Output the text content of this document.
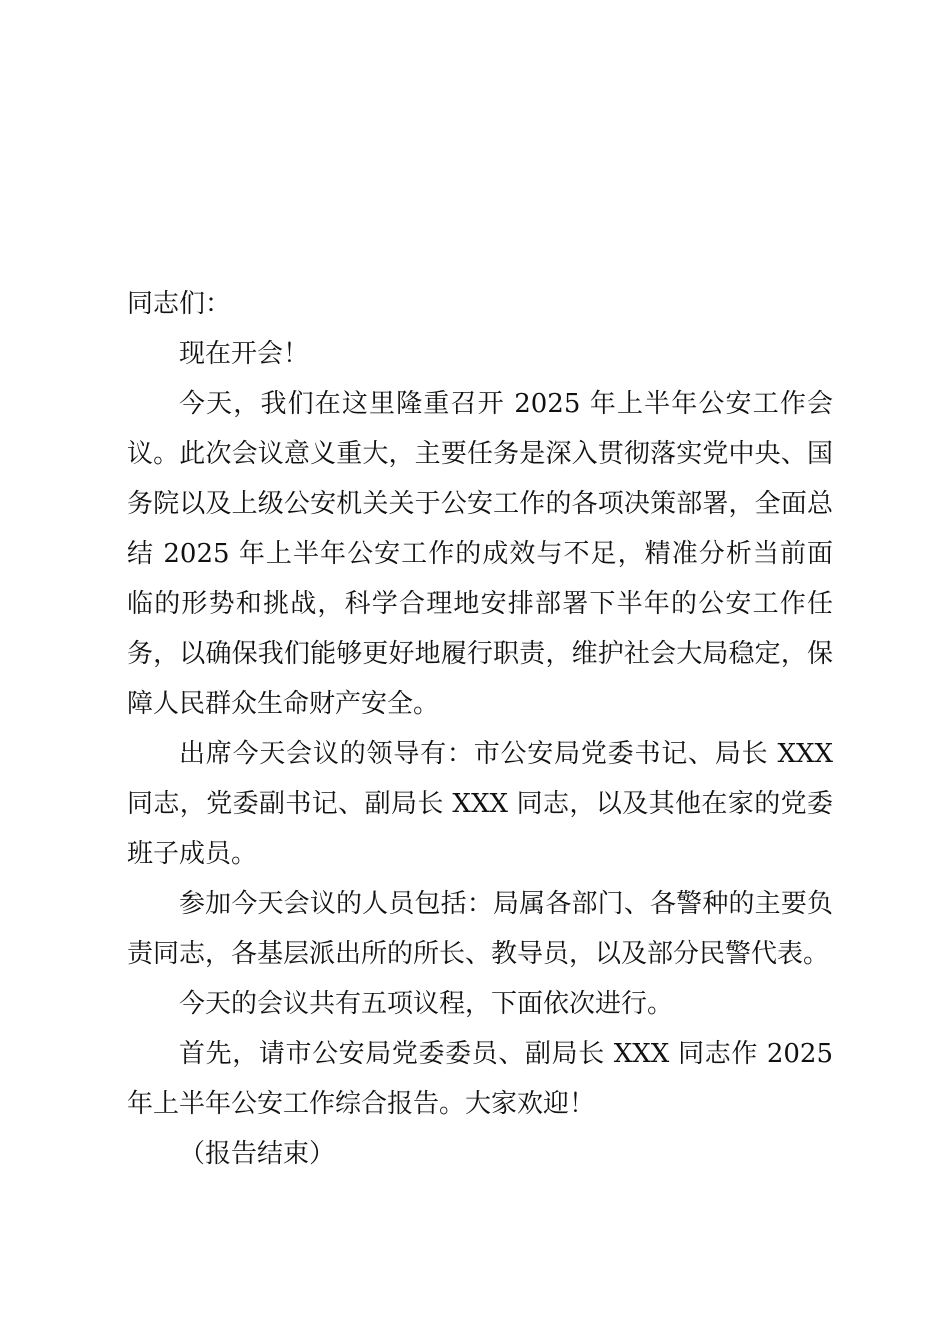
同志们：

现在开会！

今天，我们在这里隆重召开 2025 年上半年公安工作会议。此次会议意义重大，主要任务是深入贯彻落实党中央、国务院以及上级公安机关关于公安工作的各项决策部署，全面总结 2025 年上半年公安工作的成效与不足，精准分析当前面临的形势和挑战，科学合理地安排部署下半年的公安工作任务，以确保我们能够更好地履行职责，维护社会大局稳定，保障人民群众生命财产安全。

出席今天会议的领导有：市公安局党委书记、局长 XXX 同志，党委副书记、副局长 XXX 同志，以及其他在家的党委班子成员。

参加今天会议的人员包括：局属各部门、各警种的主要负责同志，各基层派出所的所长、教导员，以及部分民警代表。

今天的会议共有五项议程，下面依次进行。

首先，请市公安局党委委员、副局长 XXX 同志作 2025 年上半年公安工作综合报告。大家欢迎！

（报告结束）
